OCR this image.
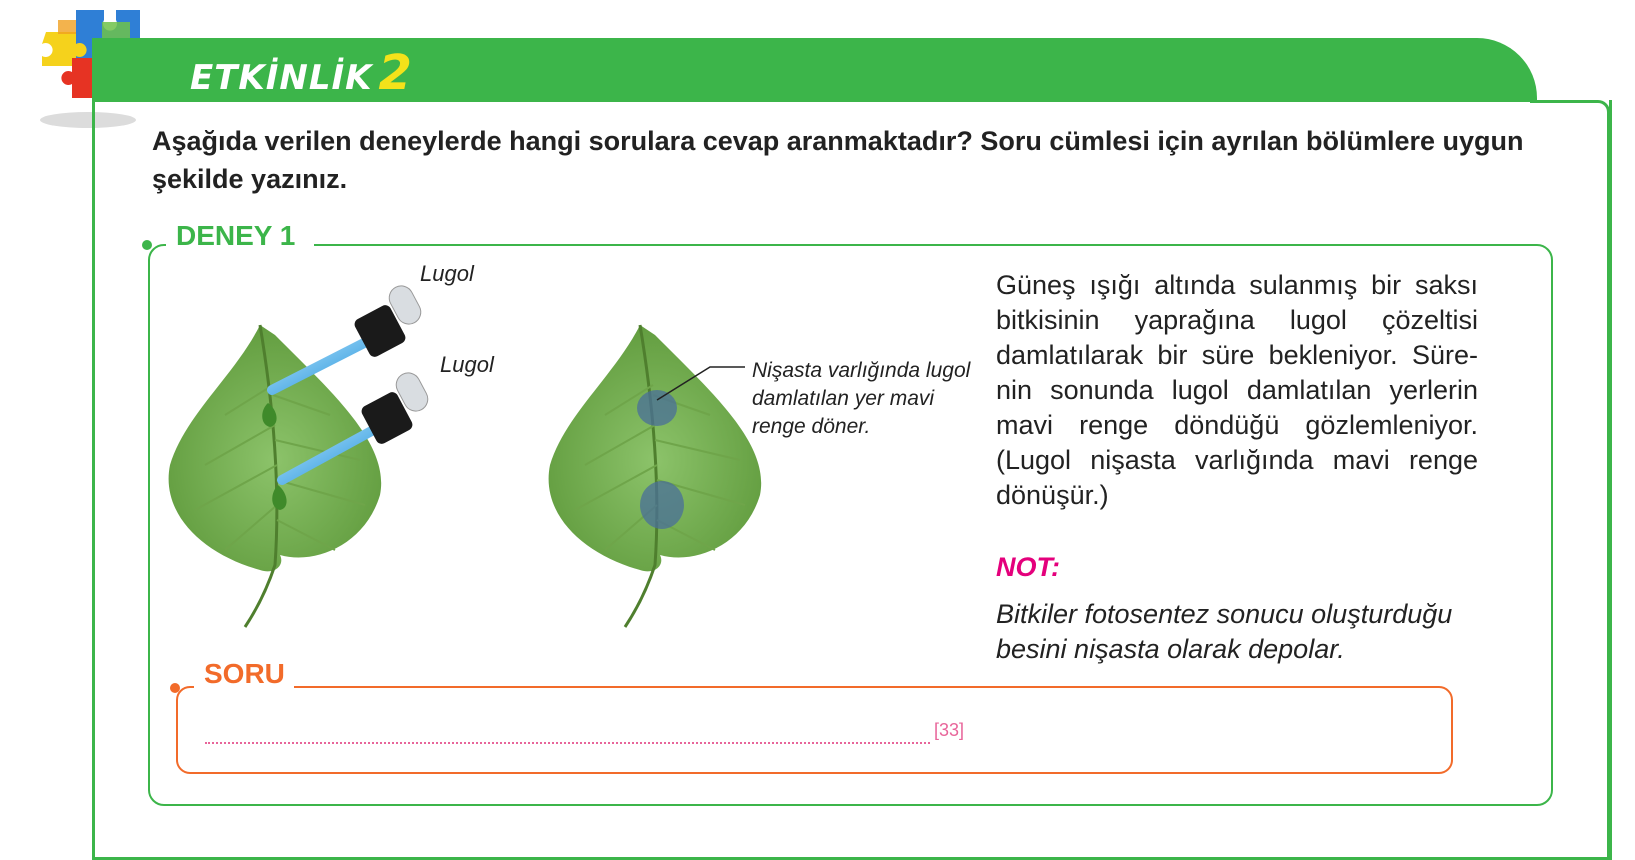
ETKİNLİK 2
Aşağıda verilen deneylerde hangi sorulara cevap aranmaktadır? Soru cümlesi için ayrılan bölümlere uygun şekilde yazınız.
DENEY 1
Lugol
Lugol	Nişasta varlığında lugol damlatılan yer mavi renge döner.
Güneş ışığı altında sulanmış bir saksı bitkisinin yaprağına lugol çözeltisi damlatılarak bir süre bekleniyor. Süre-nin sonunda lugol damlatılan yerlerin mavi renge döndüğü gözlemleniyor. (Lugol nişasta varlığında mavi renge dönüşür.)
NOT:
Bitkiler fotosentez sonucu oluşturduğu besini nişasta olarak depolar.
SORU
[33]
